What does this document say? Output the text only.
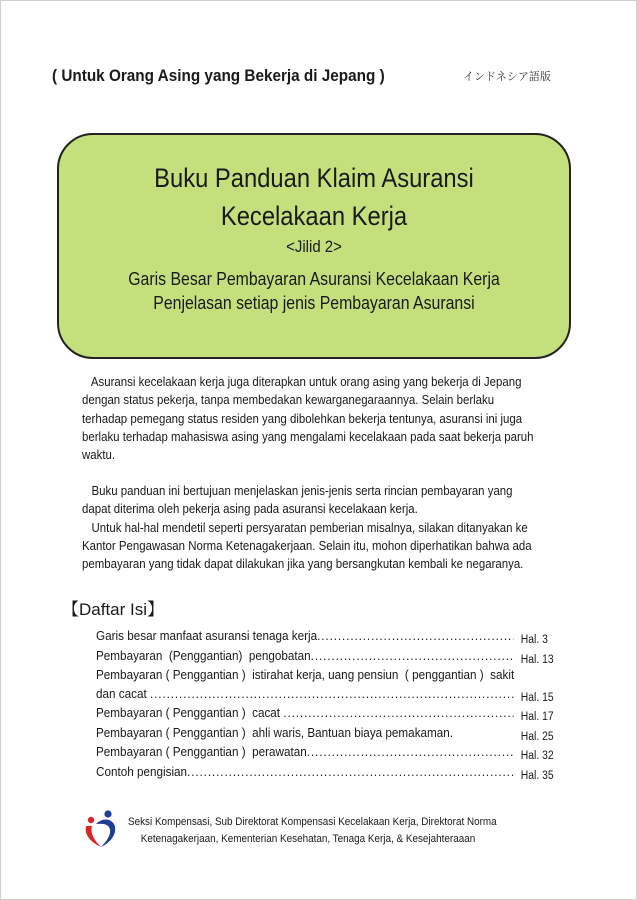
( Untuk Orang Asing yang Bekerja di Jepang )	インドネシア語版
Buku Panduan Klaim Asuransi
Kecelakaan Kerja
<Jilid 2>
Garis Besar Pembayaran Asuransi Kecelakaan Kerja
Penjelasan setiap jenis Pembayaran Asuransi
Asuransi kecelakaan kerja juga diterapkan untuk orang asing yang bekerja di Jepang
dengan status pekerja, tanpa membedakan kewarganegaraannya. Selain berlaku
terhadap pemegang status residen yang dibolehkan bekerja tentunya, asuransi ini juga
berlaku terhadap mahasiswa asing yang mengalami kecelakaan pada saat bekerja paruh
waktu.
Buku panduan ini bertujuan menjelaskan jenis-jenis serta rincian pembayaran yang
dapat diterima oleh pekerja asing pada asuransi kecelakaan kerja.
Untuk hal-hal mendetil seperti persyaratan pemberian misalnya, silakan ditanyakan ke
Kantor Pengawasan Norma Ketenagakerjaan. Selain itu, mohon diperhatikan bahwa ada
pembayaran yang tidak dapat dilakukan jika yang bersangkutan kembali ke negaranya.
【Daftar Isi】
Garis besar manfaat asuransi tenaga kerja .....	Hal. 3
Pembayaran  (Penggantian)  pengobatan .....	Hal. 13
Pembayaran ( Penggantian )  istirahat kerja, uang pensiun  ( penggantian )  sakit
dan cacat .....	Hal. 15
Pembayaran ( Penggantian )  cacat .....	Hal. 17
Pembayaran ( Penggantian )  ahli waris, Bantuan biaya pemakaman.	Hal. 25
Pembayaran ( Penggantian )  perawatan .....	Hal. 32
Contoh pengisian .....	Hal. 35
Seksi Kompensasi, Sub Direktorat Kompensasi Kecelakaan Kerja, Direktorat Norma
Ketenagakerjaan, Kementerian Kesehatan, Tenaga Kerja, & Kesejahteraaan
